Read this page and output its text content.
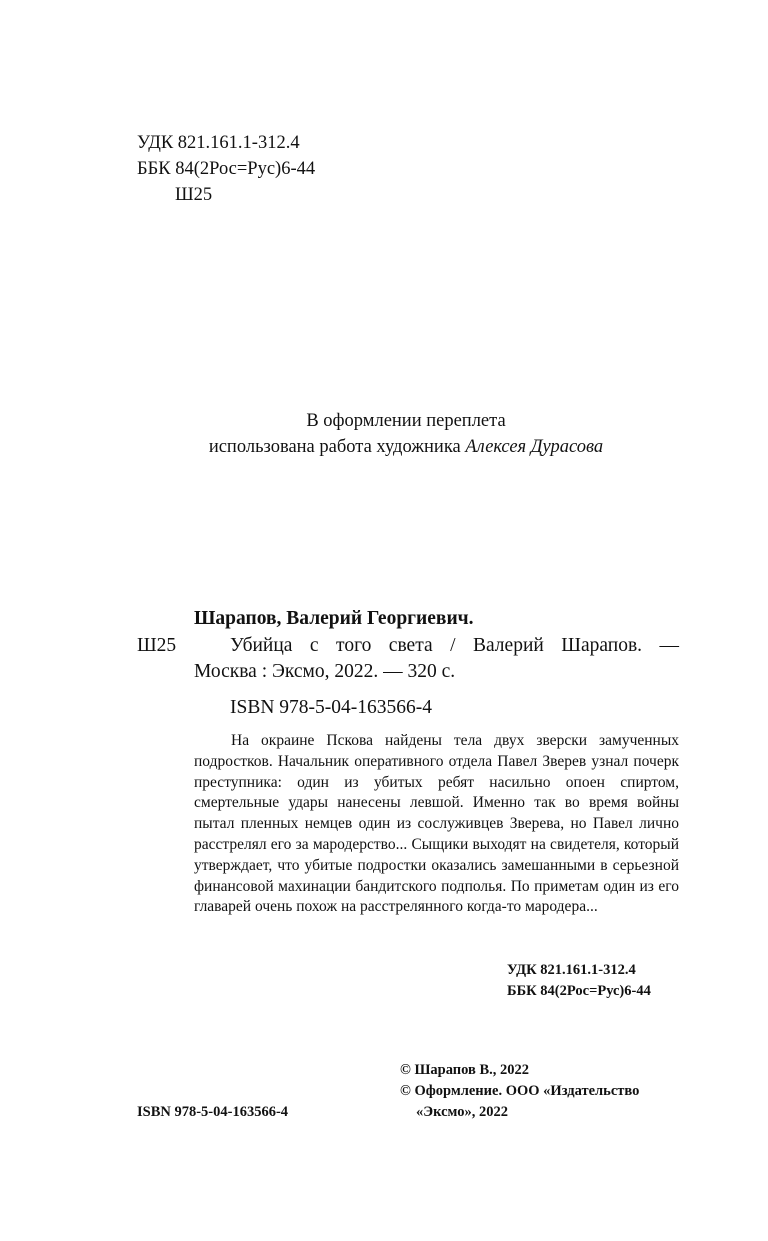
УДК 821.161.1-312.4
ББК 84(2Рос=Рус)6-44
Ш25
В оформлении переплета
использована работа художника Алексея Дурасова
Шарапов, Валерий Георгиевич.
Ш25	Убийца с того света / Валерий Шарапов. —
Москва : Эксмо, 2022. — 320 с.
ISBN 978-5-04-163566-4
На окраине Пскова найдены тела двух зверски замученных подростков. Начальник оперативного отдела Павел Зверев узнал почерк преступника: один из убитых ребят насильно опоен спиртом, смертельные удары нанесены левшой. Именно так во время войны пытал пленных немцев один из сослуживцев Зверева, но Павел лично расстрелял его за мародерство... Сыщики выходят на свидетеля, который утверждает, что убитые подростки оказались замешанными в серьезной финансовой махинации бандитского подполья. По приметам один из его главарей очень похож на расстрелянного когда-то мародера...
УДК 821.161.1-312.4
ББК 84(2Рос=Рус)6-44
ISBN 978-5-04-163566-4
© Шарапов В., 2022
© Оформление. ООО «Издательство
«Эксмо», 2022
